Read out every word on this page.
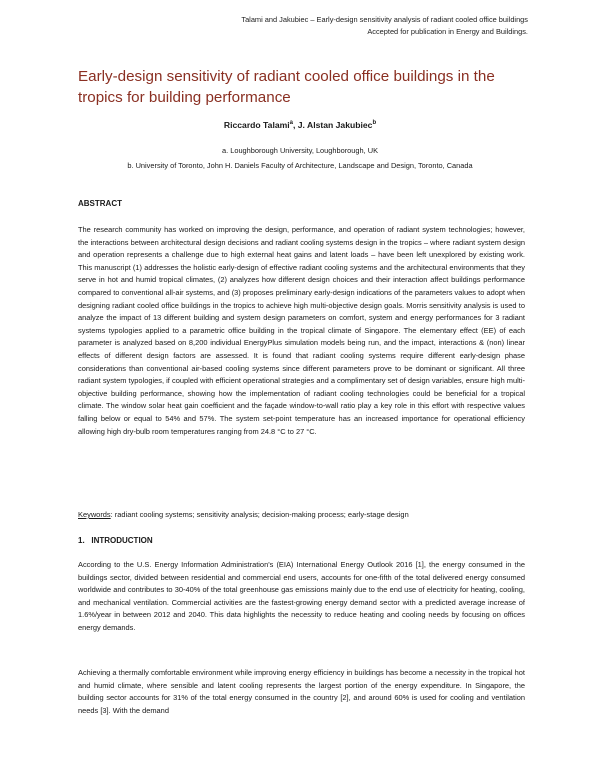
Talami and Jakubiec – Early-design sensitivity analysis of radiant cooled office buildings
Accepted for publication in Energy and Buildings.
Early-design sensitivity of radiant cooled office buildings in the tropics for building performance
Riccardo Talami$^a$, J. Alstan Jakubiec$^b$
a. Loughborough University, Loughborough, UK
b. University of Toronto, John H. Daniels Faculty of Architecture, Landscape and Design, Toronto, Canada
ABSTRACT

The research community has worked on improving the design, performance, and operation of radiant system technologies; however, the interactions between architectural design decisions and radiant cooling systems design in the tropics – where radiant system design and operation represents a challenge due to high external heat gains and latent loads – have been left unexplored by existing work. This manuscript (1) addresses the holistic early-design of effective radiant cooling systems and the architectural environments that they serve in hot and humid tropical climates, (2) analyzes how different design choices and their interaction affect buildings performance compared to conventional all-air systems, and (3) proposes preliminary early-design indications of the parameters values to adopt when designing radiant cooled office buildings in the tropics to achieve high multi-objective design goals. Morris sensitivity analysis is used to analyze the impact of 13 different building and system design parameters on comfort, system and energy performances for 3 radiant systems typologies applied to a parametric office building in the tropical climate of Singapore. The elementary effect (EE) of each parameter is analyzed based on 8,200 individual EnergyPlus simulation models being run, and the impact, interactions & (non) linear effects of different design factors are assessed. It is found that radiant cooling systems require different early-design phase considerations than conventional air-based cooling systems since different parameters prove to be dominant or significant. All three radiant system typologies, if coupled with efficient operational strategies and a complimentary set of design variables, ensure high multi-objective building performance, showing how the implementation of radiant cooling technologies could be beneficial for a tropical climate. The window solar heat gain coefficient and the façade window-to-wall ratio play a key role in this effort with respective values falling below or equal to 54% and 57%. The system set-point temperature has an increased importance for operational efficiency allowing high dry-bulb room temperatures ranging from 24.8 °C to 27 °C.

Keywords: radiant cooling systems; sensitivity analysis; decision-making process; early-stage design

1.   INTRODUCTION

According to the U.S. Energy Information Administration's (EIA) International Energy Outlook 2016 [1], the energy consumed in the buildings sector, divided between residential and commercial end users, accounts for one-fifth of the total delivered energy consumed worldwide and contributes to 30-40% of the total greenhouse gas emissions mainly due to the end use of electricity for heating, cooling, and mechanical ventilation. Commercial activities are the fastest-growing energy demand sector with a predicted average increase of 1.6%/year in between 2012 and 2040. This data highlights the necessity to reduce heating and cooling needs by focusing on offices energy demands.

Achieving a thermally comfortable environment while improving energy efficiency in buildings has become a necessity in the tropical hot and humid climate, where sensible and latent cooling represents the largest portion of the energy expenditure. In Singapore, the building sector accounts for 31% of the total energy consumed in the country [2], and around 60% is used for cooling and ventilation needs [3]. With the demand
